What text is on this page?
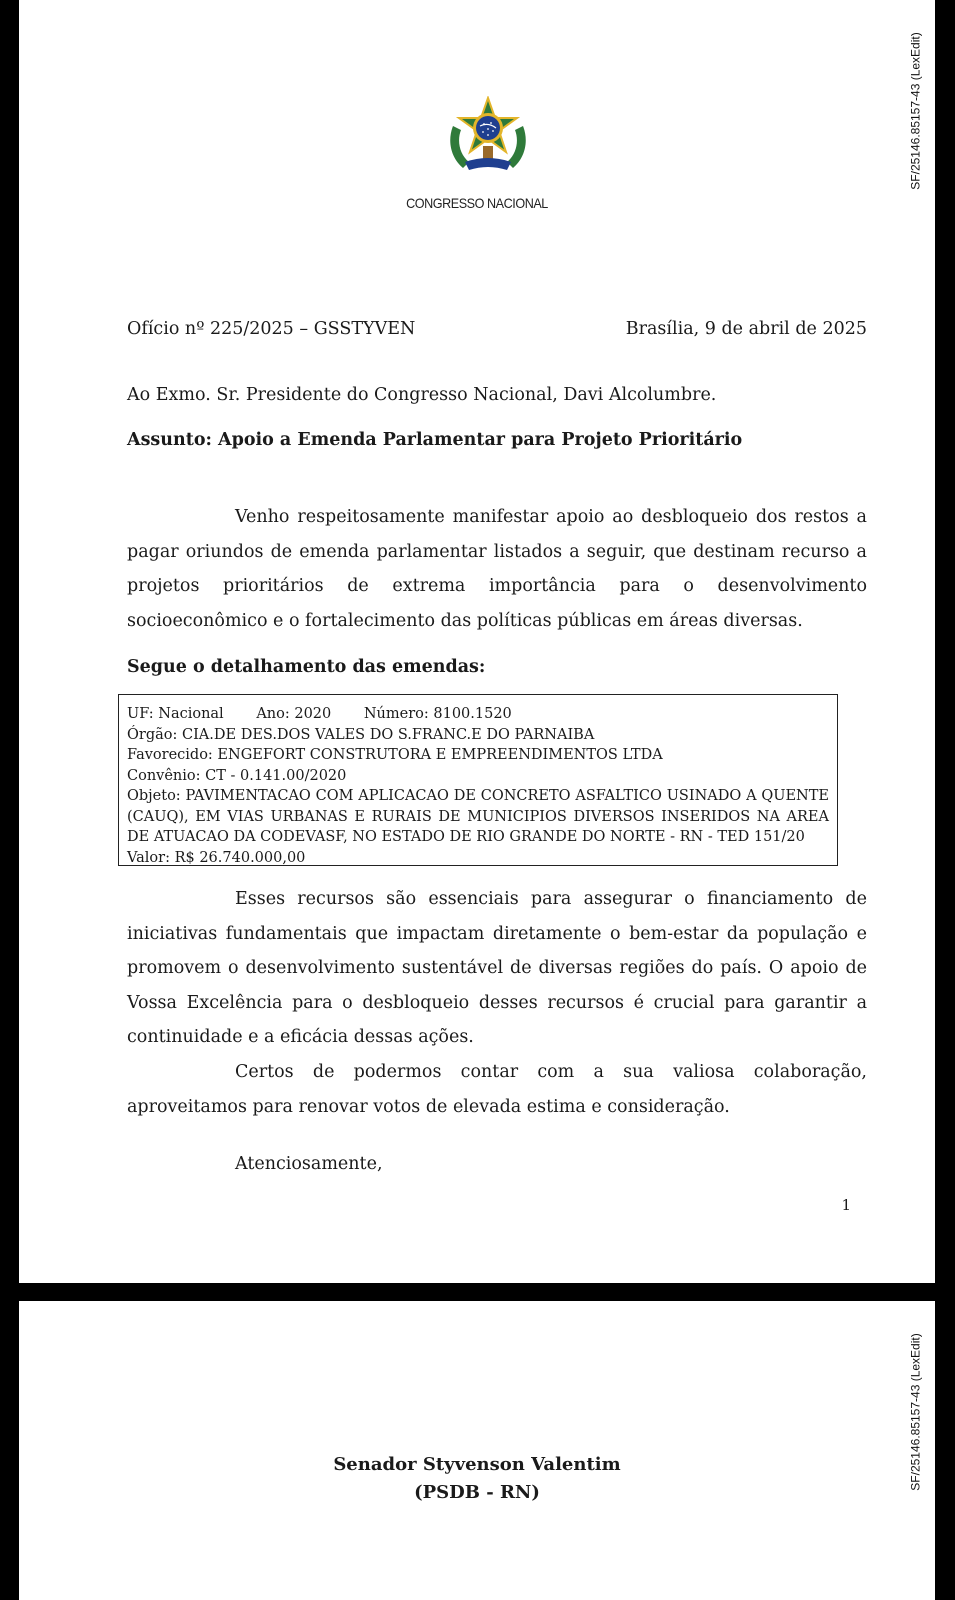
SF/25146.85157-43 (LexEdit)
CONGRESSO NACIONAL
Ofício nº 225/2025 – GSSTYVEN	Brasília, 9 de abril de 2025
Ao Exmo. Sr. Presidente do Congresso Nacional, Davi Alcolumbre.
Assunto: Apoio a Emenda Parlamentar para Projeto Prioritário
Venho respeitosamente manifestar apoio ao desbloqueio dos restos a pagar oriundos de emenda parlamentar listados a seguir, que destinam recurso a projetos prioritários de extrema importância para o desenvolvimento socioeconômico e o fortalecimento das políticas públicas em áreas diversas.
Segue o detalhamento das emendas:
UF: Nacional Ano: 2020 Número: 8100.1520
Órgão: CIA.DE DES.DOS VALES DO S.FRANC.E DO PARNAIBA
Favorecido: ENGEFORT CONSTRUTORA E EMPREENDIMENTOS LTDA
Convênio: CT - 0.141.00/2020
Objeto: PAVIMENTACAO COM APLICACAO DE CONCRETO ASFALTICO USINADO A QUENTE (CAUQ), EM VIAS URBANAS E RURAIS DE MUNICIPIOS DIVERSOS INSERIDOS NA AREA DE ATUACAO DA CODEVASF, NO ESTADO DE RIO GRANDE DO NORTE - RN - TED 151/20
Valor: R$ 26.740.000,00
Esses recursos são essenciais para assegurar o financiamento de iniciativas fundamentais que impactam diretamente o bem-estar da população e promovem o desenvolvimento sustentável de diversas regiões do país. O apoio de Vossa Excelência para o desbloqueio desses recursos é crucial para garantir a continuidade e a eficácia dessas ações.
Certos de podermos contar com a sua valiosa colaboração, aproveitamos para renovar votos de elevada estima e consideração.
Atenciosamente,
1
SF/25146.85157-43 (LexEdit)
Senador Styvenson Valentim
(PSDB - RN)
